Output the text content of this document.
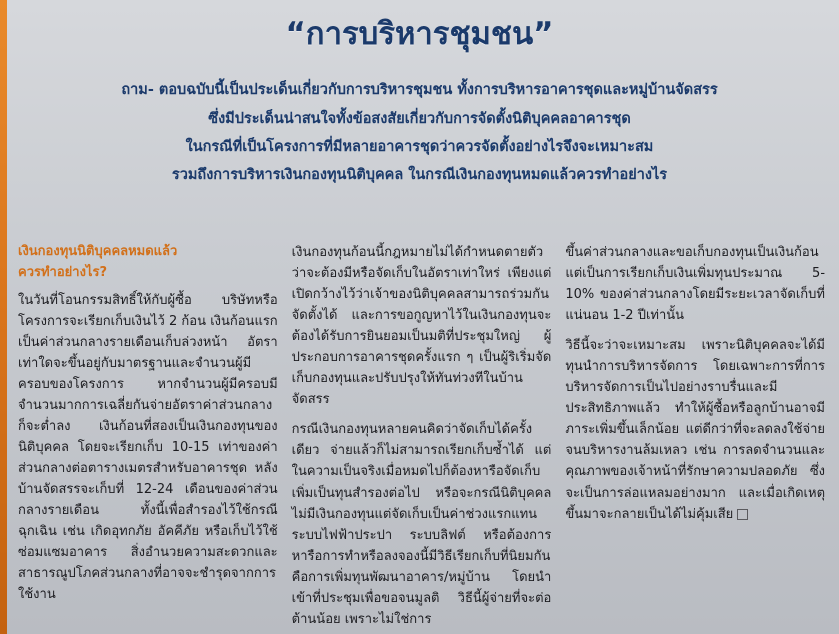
“การบริหารชุมชน”
ถาม- ตอบฉบับนี้เป็นประเด็นเกี่ยวกับการบริหารชุมชน ทั้งการบริหารอาคารชุดและหมู่บ้านจัดสรร
ซึ่งมีประเด็นน่าสนใจทั้งข้อสงสัยเกี่ยวกับการจัดตั้งนิติบุคคลอาคารชุด
ในกรณีที่เป็นโครงการที่มีหลายอาคารชุดว่าควรจัดตั้งอย่างไรจึงจะเหมาะสม
รวมถึงการบริหารเงินกองทุนนิติบุคคล ในกรณีเงินกองทุนหมดแล้วควรทำอย่างไร
เงินกองทุนนิติบุคคลหมดแล้ว
ควรทำอย่างไร?

ในวันที่โอนกรรมสิทธิ์ให้กับผู้ซื้อ บริษัทหรือโครงการจะเรียกเก็บเงินไว้ 2 ก้อน เงินก้อนแรกเป็นค่าส่วนกลางรายเดือนเก็บล่วงหน้า อัตราเท่าใดจะขึ้นอยู่กับมาตรฐานและจำนวนผู้มีครอบของโครงการ หากจำนวนผู้มีครอบมีจำนวนมากการเฉลี่ยกันจ่ายอัตราค่าส่วนกลางก็จะต่ำลง เงินก้อนที่สองเป็นเงินกองทุนของนิติบุคคล โดยจะเรียกเก็บ 10-15 เท่าของค่าส่วนกลางต่อตารางเมตรสำหรับอาคารชุด หลังบ้านจัดสรรจะเก็บที่ 12-24 เดือนของค่าส่วนกลางรายเดือน ทั้งนี้เพื่อสำรองไว้ใช้กรณีฉุกเฉิน เช่น เกิดอุทกภัย อัคคีภัย หรือเก็บไว้ใช้ซ่อมแซมอาคาร สิ่งอำนวยความสะดวกและสาธารณูปโภคส่วนกลางที่อาจจะชำรุดจากการใช้งาน

เงินกองทุนก้อนนี้กฎหมายไม่ได้กำหนดตายตัวว่าจะต้องมีหรือจัดเก็บในอัตราเท่าใหร่ เพียงแต่เปิดกว้างไว้ว่าเจ้าของนิติบุคคลสามารถร่วมกันจัดตั้งได้ และการขอกูญหาไว้ในเงินกองทุนจะต้องได้รับการยินยอมเป็นมติที่ประชุมใหญ่ ผู้ประกอบการอาคารชุดครั้งแรก ๆ เป็นผู้ริเริ่มจัดเก็บกองทุนและปรับปรุงให้ทันท่วงทีในบ้านจัดสรร

กรณีเงินกองทุนหลายคนคิดว่าจัดเก็บได้ครั้งเดียว จ่ายแล้วก็ไม่สามารถเรียกเก็บซ้ำได้ แต่ในความเป็นจริงเมื่อหมดไปก็ต้องหารือจัดเก็บเพิ่มเป็นทุนสำรองต่อไป หรือจะกรณีนิติบุคคลไม่มีเงินกองทุนแต่จัดเก็บเป็นค่าช่วงแรกแทนระบบไฟฟ้าประปา ระบบลิฟต์ หรือต้องการหารือการทำหรือลงจองนี้มีวิธีเรียกเก็บที่นิยมกันคือการเพิ่มทุนพัฒนาอาคาร/หมู่บ้าน โดยนำเข้าที่ประชุมเพื่อขอจนมูลติ วิธีนี้ผู้จ่ายที่จะต่อต้านน้อย เพราะไม่ใช่การ

ขึ้นค่าส่วนกลางและขอเก็บกองทุนเป็นเงินก้อน แต่เป็นการเรียกเก็บเงินเพิ่มทุนประมาณ 5-10% ของค่าส่วนกลางโดยมีระยะเวลาจัดเก็บที่แน่นอน 1-2 ปีเท่านั้น

วิธีนี้จะว่าจะเหมาะสม เพราะนิติบุคคลจะได้มีทุนนำการบริหารจัดการ โดยเฉพาะการที่การบริหารจัดการเป็นไปอย่างราบรื่นและมีประสิทธิภาพแล้ว ทำให้ผู้ซื้อหรือลูกบ้านอาจมีภาระเพิ่มขึ้นเล็กน้อย แต่ดีกว่าที่จะลดลงใช้จ่ายจนบริหารงานล้มเหลว เช่น การลดจำนวนและคุณภาพของเจ้าหน้าที่รักษาความปลอดภัย ซึ่งจะเป็นการล่อแหลมอย่างมาก และเมื่อเกิดเหตุขึ้นมาจะกลายเป็นได้ไม่คุ้มเสีย
